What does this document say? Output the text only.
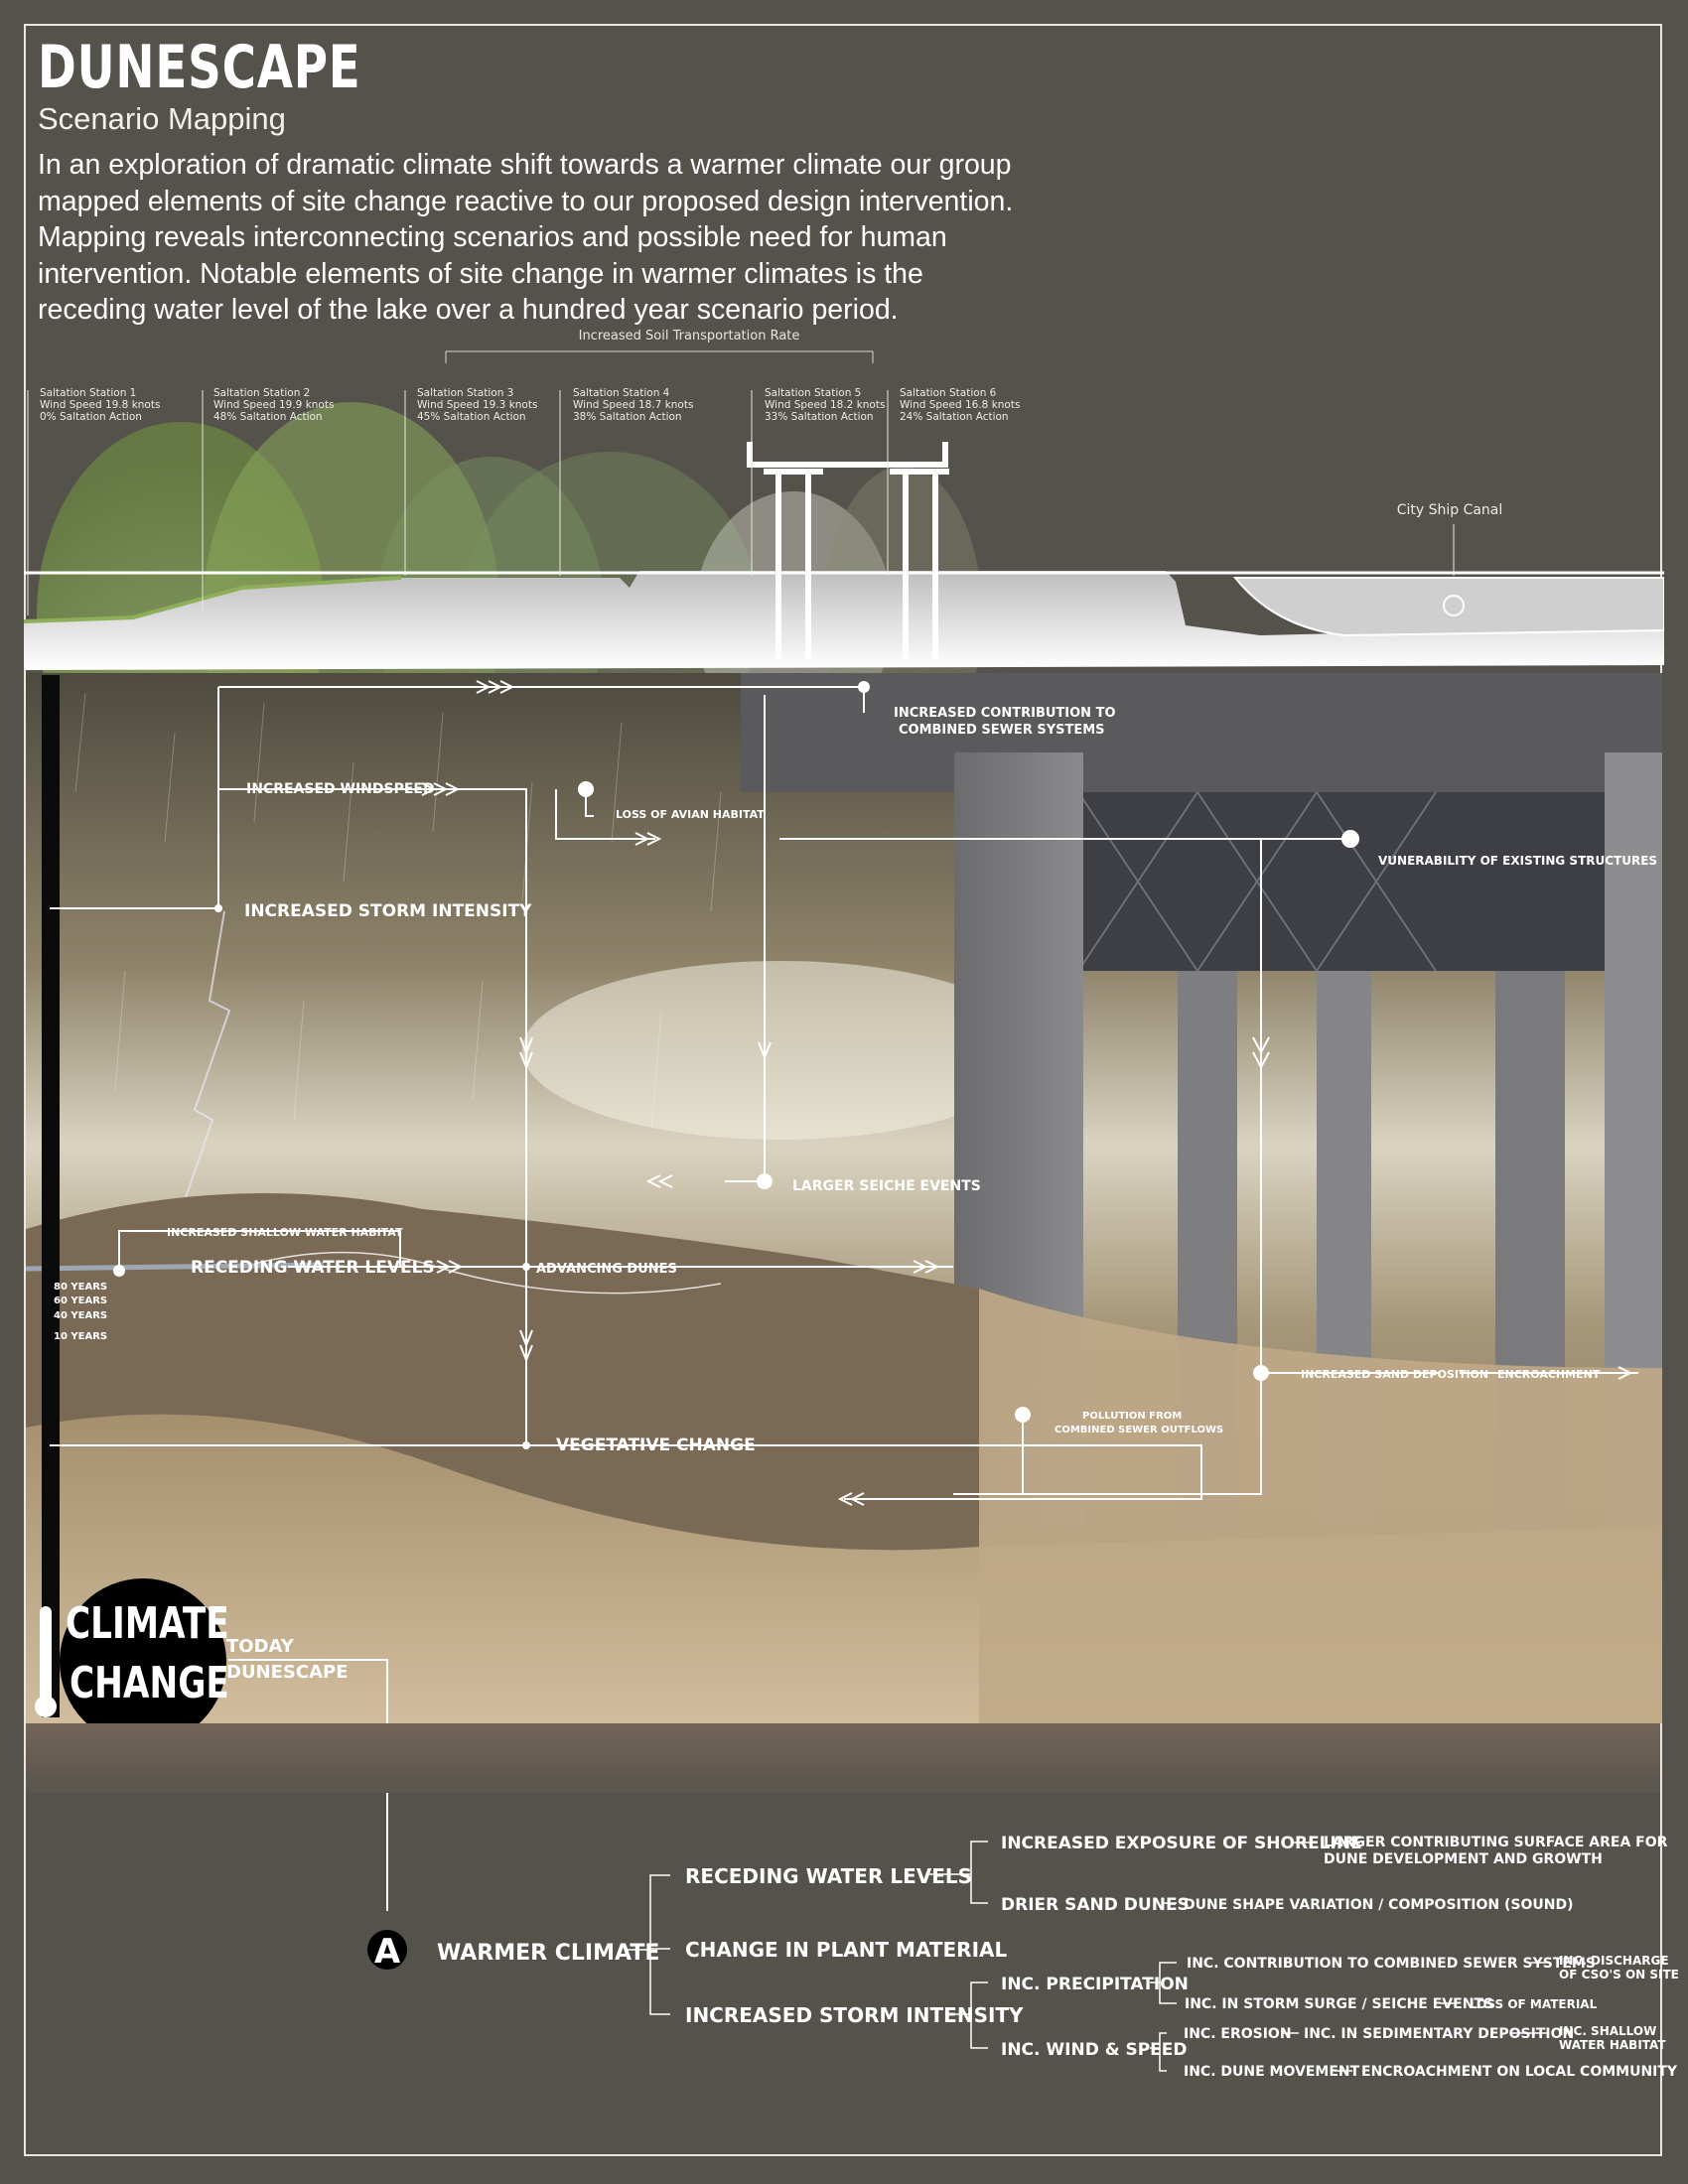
DUNESCAPE
Scenario Mapping
In an exploration of dramatic climate shift towards a warmer climate our group mapped elements of site change reactive to our proposed design intervention. Mapping reveals interconnecting scenarios and possible need for human intervention. Notable elements of site change in warmer climates is the receding water level of the lake over a hundred year scenario period.
Increased Soil Transportation Rate
Saltation Station 1
Wind Speed 19.8 knots
0% Saltation Action
Saltation Station 2
Wind Speed 19.9 knots
48% Saltation Action
Saltation Station 3
Wind Speed 19.3 knots
45% Saltation Action
Saltation Station 4
Wind Speed 18.7 knots
38% Saltation Action
Saltation Station 5
Wind Speed 18.2 knots
33% Saltation Action
Saltation Station 6
Wind Speed 16.8 knots
24% Saltation Action
City Ship Canal
INCREASED CONTRIBUTION TO
COMBINED SEWER SYSTEMS
INCREASED WINDSPEED
LOSS OF AVIAN HABITAT
VUNERABILITY OF EXISTING STRUCTURES
INCREASED STORM INTENSITY
LARGER SEICHE EVENTS
INCREASED SHALLOW WATER HABITAT
RECEDING WATER LEVELS	ADVANCING DUNES
80 YEARS
60 YEARS
40 YEARS
10 YEARS
INCREASED SAND DEPOSITION ENCROACHMENT
POLLUTION FROM
COMBINED SEWER OUTFLOWS
VEGETATIVE CHANGE
CLIMATE
CHANGE
TODAY
DUNESCAPE
A WARMER CLIMATE
RECEDING WATER LEVELS
CHANGE IN PLANT MATERIAL
INCREASED STORM INTENSITY
INCREASED EXPOSURE OF SHORELINE
LARGER CONTRIBUTING SURFACE AREA FOR
DUNE DEVELOPMENT AND GROWTH
DRIER SAND DUNES
DUNE SHAPE VARIATION / COMPOSITION (SOUND)
INC. PRECIPITATION
INC. CONTRIBUTION TO COMBINED SEWER SYSTEMS
INC. DISCHARGE
OF CSO'S ON SITE
INC. IN STORM SURGE / SEICHE EVENTS
LOSS OF MATERIAL
INC. WIND & SPEED
INC. EROSION INC. IN SEDIMENTARY DEPOSITION
INC. SHALLOW
WATER HABITAT
INC. DUNE MOVEMENT ENCROACHMENT ON LOCAL COMMUNITY
